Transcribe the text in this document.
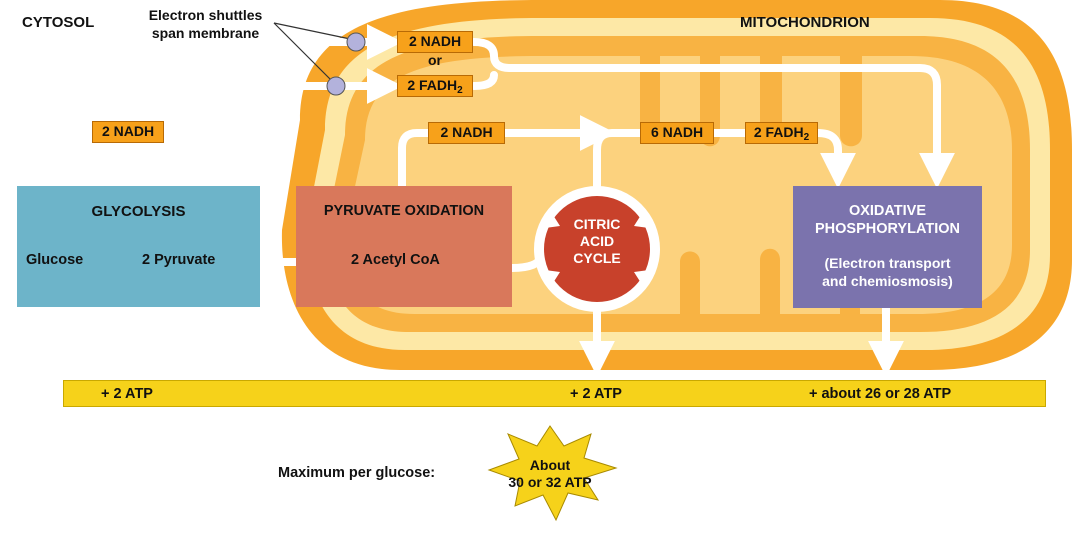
CYTOSOL	MITOCHONDRION
Electron shuttles
span membrane	2 NADH
or
2 $FADH_2$
2 NADH	2 NADH	6 NADH	2 $FADH_2$
GLYCOLYSIS
Glucose	2 Pyruvate
PYRUVATE OXIDATION
2 Acetyl CoA
CITRIC
ACID
CYCLE
OXIDATIVE
PHOSPHORYLATION
(Electron transport
and chemiosmosis)
+ 2 ATP	+ 2 ATP	+ about 26 or 28 ATP
Maximum per glucose:	About
30 or 32 ATP
